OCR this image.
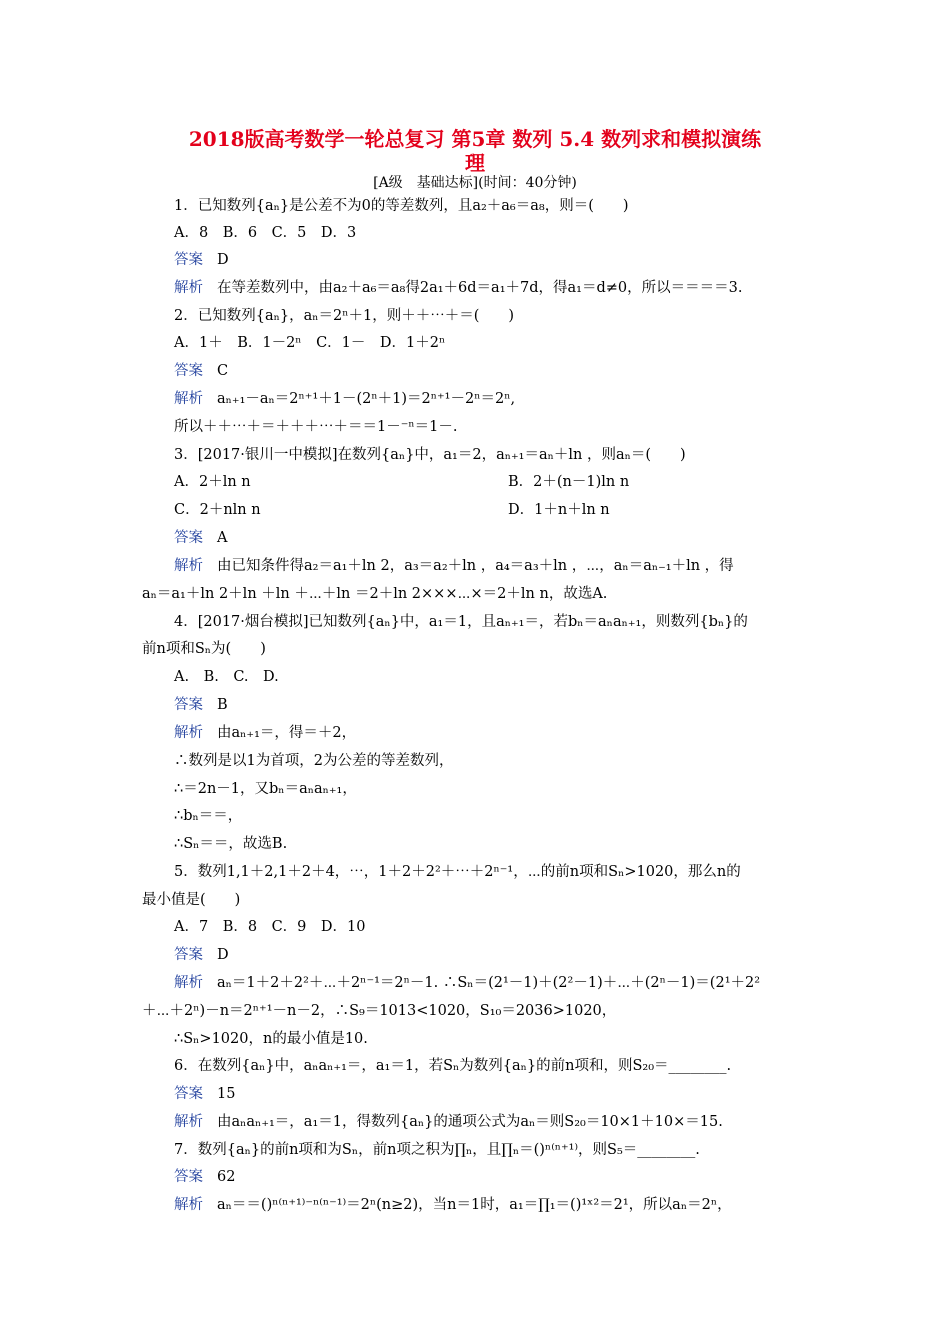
2018版高考数学一轮总复习 第5章 数列 5.4 数列求和模拟演练
理
[A级　基础达标](时间：40分钟)
1．已知数列{aₙ}是公差不为0的等差数列，且a₂＋a₆＝a₈，则＝(　　)
A．8　B．6　C．5　D．3
答案 D
解析 在等差数列中，由a₂＋a₆＝a₈得2a₁＋6d＝a₁＋7d，得a₁＝d≠0，所以＝＝＝＝3.
2．已知数列{aₙ}，aₙ＝2ⁿ＋1，则＋＋⋯＋＝(　　)
A．1＋　B．1－2ⁿ　C．1－　D．1＋2ⁿ
答案 C
解析 aₙ₊₁－aₙ＝2ⁿ⁺¹＋1－(2ⁿ＋1)＝2ⁿ⁺¹－2ⁿ＝2ⁿ,
所以＋＋⋯＋＝＋＋＋⋯＋＝＝1－⁻ⁿ＝1－.
3．[2017·银川一中模拟]在数列{aₙ}中，a₁＝2，aₙ₊₁＝aₙ＋ln ，则aₙ＝(　　)
A．2＋ln n	B．2＋(n－1)ln n
C．2＋nln n	D．1＋n＋ln n
答案 A
解析 由已知条件得a₂＝a₁＋ln 2，a₃＝a₂＋ln ，a₄＝a₃＋ln ，⋯，aₙ＝aₙ₋₁＋ln ，得
aₙ＝a₁＋ln 2＋ln ＋ln ＋⋯＋ln ＝2＋ln 2×××⋯×＝2＋ln n，故选A.
4．[2017·烟台模拟]已知数列{aₙ}中，a₁＝1，且aₙ₊₁＝，若bₙ＝aₙaₙ₊₁，则数列{bₙ}的
前n项和Sₙ为(　　)
A.　B.　C.　D.
答案 B
解析 由aₙ₊₁＝，得＝＋2，
∴数列是以1为首项，2为公差的等差数列，
∴＝2n－1，又bₙ＝aₙaₙ₊₁，
∴bₙ＝＝，
∴Sₙ＝＝，故选B.
5．数列1,1＋2,1＋2＋4，⋯，1＋2＋2²＋⋯＋2ⁿ⁻¹，⋯的前n项和Sₙ>1020，那么n的
最小值是(　　)
A．7　B．8　C．9　D．10
答案 D
解析 aₙ＝1＋2＋2²＋⋯＋2ⁿ⁻¹＝2ⁿ－1. ∴Sₙ＝(2¹－1)＋(2²－1)＋⋯＋(2ⁿ－1)＝(2¹＋2²
＋⋯＋2ⁿ)－n＝2ⁿ⁺¹－n－2，∴S₉＝1013<1020，S₁₀＝2036>1020，
∴Sₙ>1020，n的最小值是10.
6．在数列{aₙ}中，aₙaₙ₊₁＝，a₁＝1，若Sₙ为数列{aₙ}的前n项和，则S₂₀＝________.
答案 15
解析 由aₙaₙ₊₁＝，a₁＝1，得数列{aₙ}的通项公式为aₙ＝则S₂₀＝10×1＋10×＝15.
7．数列{aₙ}的前n项和为Sₙ，前n项之积为∏ₙ，且∏ₙ＝()ⁿ⁽ⁿ⁺¹⁾，则S₅＝________.
答案 62
解析 aₙ＝＝()ⁿ⁽ⁿ⁺¹⁾⁻ⁿ⁽ⁿ⁻¹⁾＝2ⁿ(n≥2)，当n＝1时，a₁＝∏₁＝()¹ˣ²＝2¹，所以aₙ＝2ⁿ，
